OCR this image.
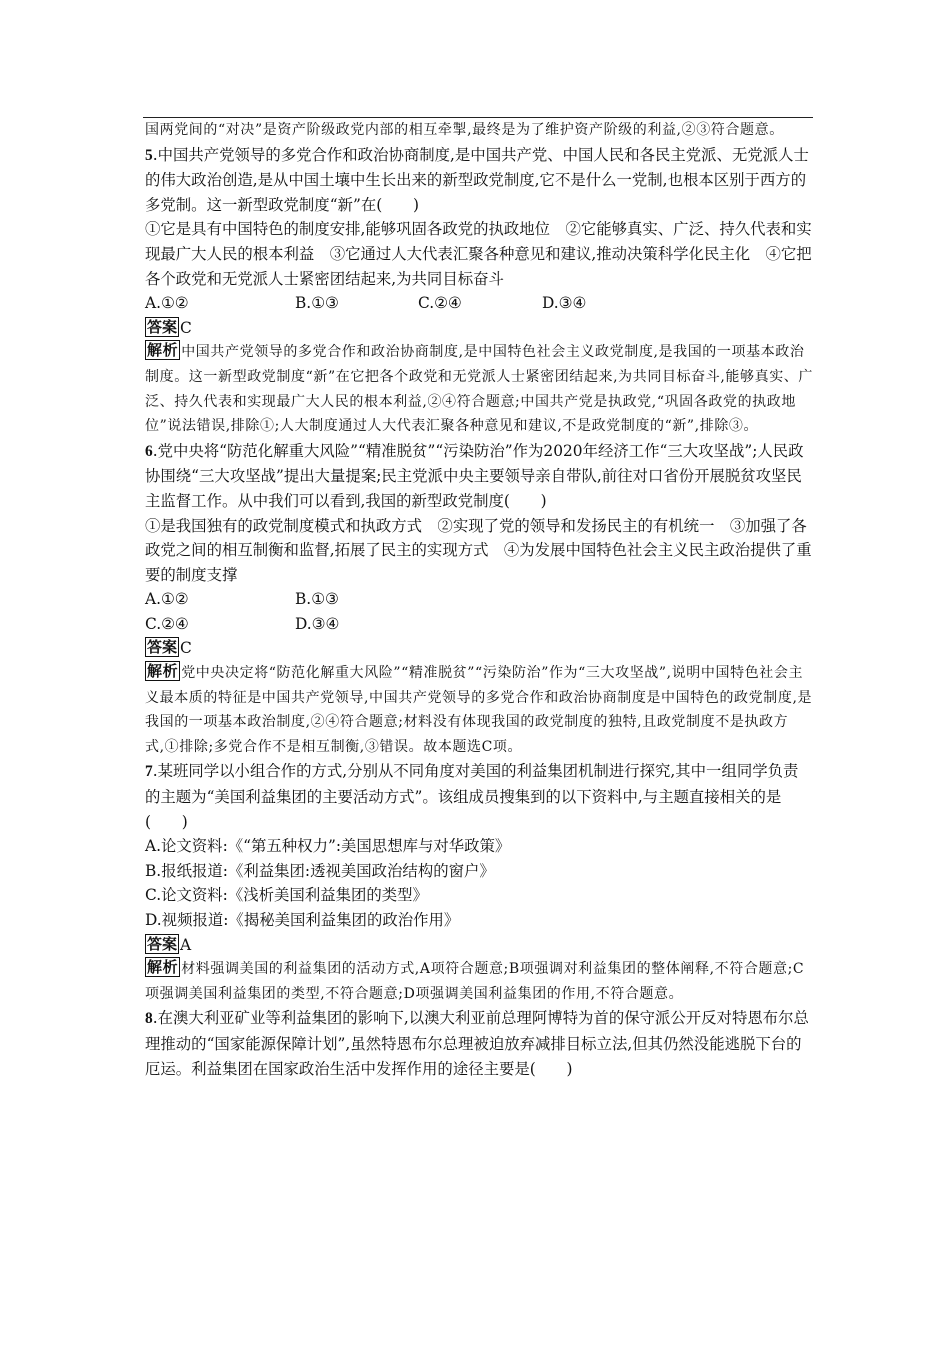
国两党间的“对决”是资产阶级政党内部的相互牵掣,最终是为了维护资产阶级的利益,②③符合题意。

5.中国共产党领导的多党合作和政治协商制度,是中国共产党、中国人民和各民主党派、无党派人士的伟大政治创造,是从中国土壤中生长出来的新型政党制度,它不是什么一党制,也根本区别于西方的多党制。这一新型政党制度“新”在(　　)

①它是具有中国特色的制度安排,能够巩固各政党的执政地位　②它能够真实、广泛、持久代表和实现最广大人民的根本利益　③它通过人大代表汇聚各种意见和建议,推动决策科学化民主化　④它把各个政党和无党派人士紧密团结起来,为共同目标奋斗

A.①②	B.①③	C.②④	D.③④

答案 C

解析 中国共产党领导的多党合作和政治协商制度,是中国特色社会主义政党制度,是我国的一项基本政治制度。这一新型政党制度“新”在它把各个政党和无党派人士紧密团结起来,为共同目标奋斗,能够真实、广泛、持久代表和实现最广大人民的根本利益,②④符合题意;中国共产党是执政党,“巩固各政党的执政地位”说法错误,排除①;人大制度通过人大代表汇聚各种意见和建议,不是政党制度的“新”,排除③。

6.党中央将“防范化解重大风险”“精准脱贫”“污染防治”作为2020年经济工作“三大攻坚战”;人民政协围绕“三大攻坚战”提出大量提案;民主党派中央主要领导亲自带队,前往对口省份开展脱贫攻坚民主监督工作。从中我们可以看到,我国的新型政党制度(　　)

①是我国独有的政党制度模式和执政方式　②实现了党的领导和发扬民主的有机统一　③加强了各政党之间的相互制衡和监督,拓展了民主的实现方式　④为发展中国特色社会主义民主政治提供了重要的制度支撑

A.①②	B.①③
C.②④	D.③④

答案 C

解析 党中央决定将“防范化解重大风险”“精准脱贫”“污染防治”作为“三大攻坚战”,说明中国特色社会主义最本质的特征是中国共产党领导,中国共产党领导的多党合作和政治协商制度是中国特色的政党制度,是我国的一项基本政治制度,②④符合题意;材料没有体现我国的政党制度的独特,且政党制度不是执政方式,①排除;多党合作不是相互制衡,③错误。故本题选C项。

7.某班同学以小组合作的方式,分别从不同角度对美国的利益集团机制进行探究,其中一组同学负责的主题为“美国利益集团的主要活动方式”。该组成员搜集到的以下资料中,与主题直接相关的是(　　)

A.论文资料:《“第五种权力”:美国思想库与对华政策》

B.报纸报道:《利益集团:透视美国政治结构的窗户》

C.论文资料:《浅析美国利益集团的类型》

D.视频报道:《揭秘美国利益集团的政治作用》

答案 A

解析 材料强调美国的利益集团的活动方式,A项符合题意;B项强调对利益集团的整体阐释,不符合题意;C项强调美国利益集团的类型,不符合题意;D项强调美国利益集团的作用,不符合题意。

8.在澳大利亚矿业等利益集团的影响下,以澳大利亚前总理阿博特为首的保守派公开反对特恩布尔总理推动的“国家能源保障计划”,虽然特恩布尔总理被迫放弃减排目标立法,但其仍然没能逃脱下台的厄运。利益集团在国家政治生活中发挥作用的途径主要是(　　)
